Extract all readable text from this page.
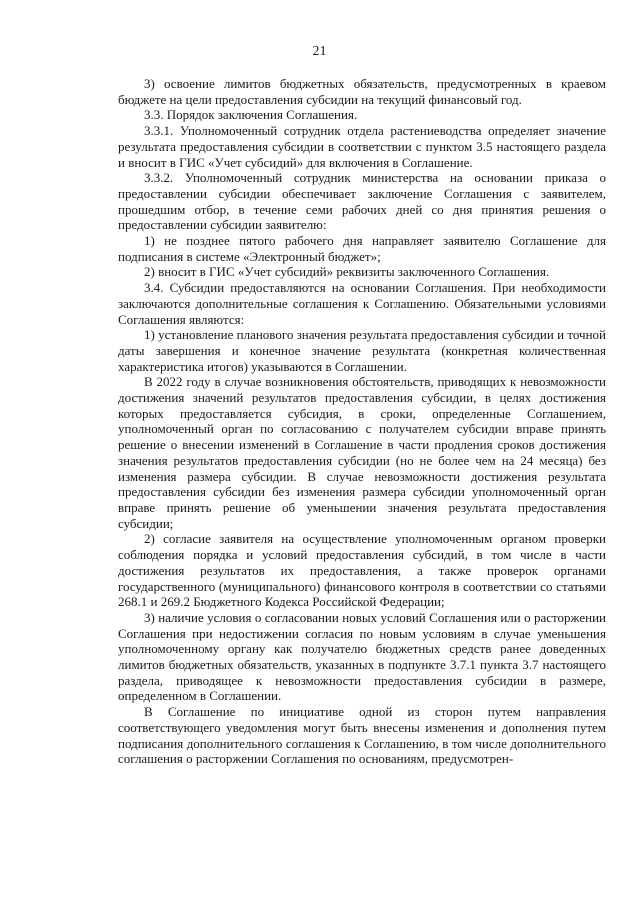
21

3) освоение лимитов бюджетных обязательств, предусмотренных в краевом бюджете на цели предоставления субсидии на текущий финансовый год.

3.3. Порядок заключения Соглашения.

3.3.1. Уполномоченный сотрудник отдела растениеводства определяет значение результата предоставления субсидии в соответствии с пунктом 3.5 настоящего раздела и вносит в ГИС «Учет субсидий» для включения в Соглашение.

3.3.2. Уполномоченный сотрудник министерства на основании приказа о предоставлении субсидии обеспечивает заключение Соглашения с заявителем, прошедшим отбор, в течение семи рабочих дней со дня принятия решения о предоставлении субсидии заявителю:

1) не позднее пятого рабочего дня направляет заявителю Соглашение для подписания в системе «Электронный бюджет»;

2) вносит в ГИС «Учет субсидий» реквизиты заключенного Соглашения.

3.4. Субсидии предоставляются на основании Соглашения. При необходимости заключаются дополнительные соглашения к Соглашению. Обязательными условиями Соглашения являются:

1) установление планового значения результата предоставления субсидии и точной даты завершения и конечное значение результата (конкретная количественная характеристика итогов) указываются в Соглашении.

В 2022 году в случае возникновения обстоятельств, приводящих к невозможности достижения значений результатов предоставления субсидии, в целях достижения которых предоставляется субсидия, в сроки, определенные Соглашением, уполномоченный орган по согласованию с получателем субсидии вправе принять решение о внесении изменений в Соглашение в части продления сроков достижения значения результатов предоставления субсидии (но не более чем на 24 месяца) без изменения размера субсидии. В случае невозможности достижения результата предоставления субсидии без изменения размера субсидии уполномоченный орган вправе принять решение об уменьшении значения результата предоставления субсидии;

2) согласие заявителя на осуществление уполномоченным органом проверки соблюдения порядка и условий предоставления субсидий, в том числе в части достижения результатов их предоставления, а также проверок органами государственного (муниципального) финансового контроля в соответствии со статьями 268.1 и 269.2 Бюджетного Кодекса Российской Федерации;

3) наличие условия о согласовании новых условий Соглашения или о расторжении Соглашения при недостижении согласия по новым условиям в случае уменьшения уполномоченному органу как получателю бюджетных средств ранее доведенных лимитов бюджетных обязательств, указанных в подпункте 3.7.1 пункта 3.7 настоящего раздела, приводящее к невозможности предоставления субсидии в размере, определенном в Соглашении.

В Соглашение по инициативе одной из сторон путем направления соответствующего уведомления могут быть внесены изменения и дополнения путем подписания дополнительного соглашения к Соглашению, в том числе дополнительного соглашения о расторжении Соглашения по основаниям, предусмотрен-
